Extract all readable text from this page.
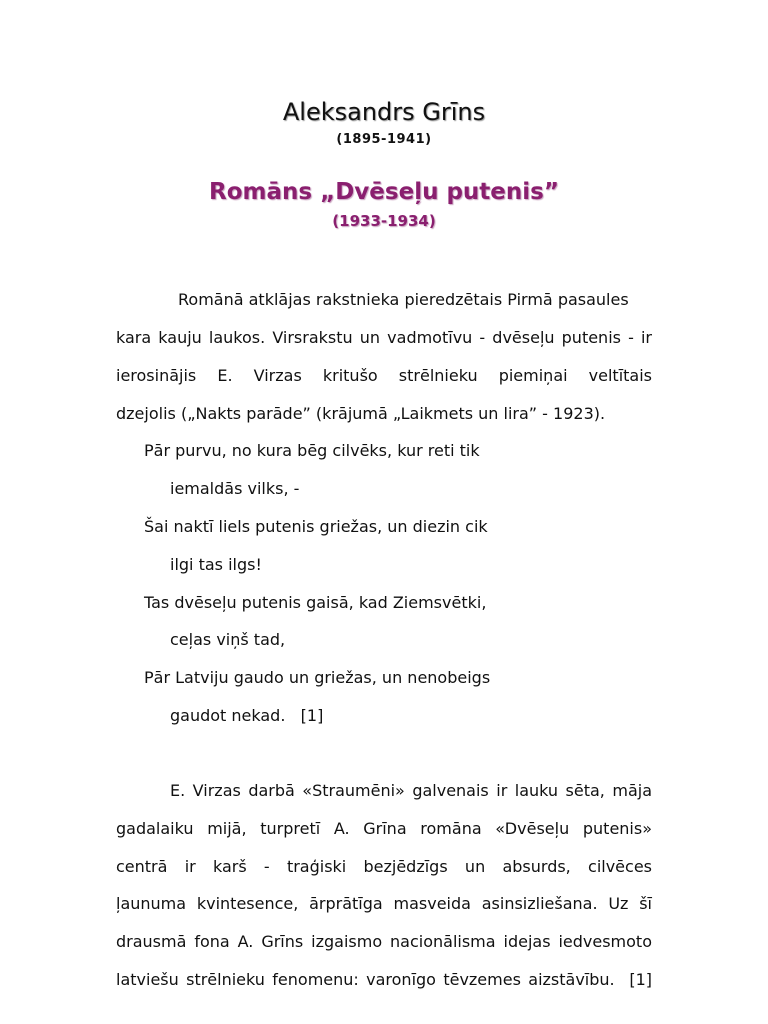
Aleksandrs Grīns
(1895-1941)
Romāns „Dvēseļu putenis”
(1933-1934)
Romānā atklājas rakstnieka pieredzētais Pirmā pasaules
kara kauju laukos. Virsrakstu un vadmotīvu - dvēseļu putenis - ir
ierosinājis E. Virzas kritušo strēlnieku piemiņai veltītais
dzejolis („Nakts parāde” (krājumā „Laikmets un lira” - 1923).
Pār purvu, no kura bēg cilvēks, kur reti tik
iemaldās vilks, -
Šai naktī liels putenis griežas, un diezin cik
ilgi tas ilgs!
Tas dvēseļu putenis gaisā, kad Ziemsvētki,
ceļas viņš tad,
Pār Latviju gaudo un griežas, un nenobeigs
gaudot nekad.   [1]
E. Virzas darbā «Straumēni» galvenais ir lauku sēta, māja
gadalaiku mijā, turpretī A. Grīna romāna «Dvēseļu putenis»
centrā ir karš - traģiski bezjēdzīgs un absurds, cilvēces
ļaunuma kvintesence, ārprātīga masveida asinsizliešana. Uz šī
drausmā fona A. Grīns izgaismo nacionālisma idejas iedvesmoto
latviešu strēlnieku fenomenu: varonīgo tēvzemes aizstāvību.  [1]
